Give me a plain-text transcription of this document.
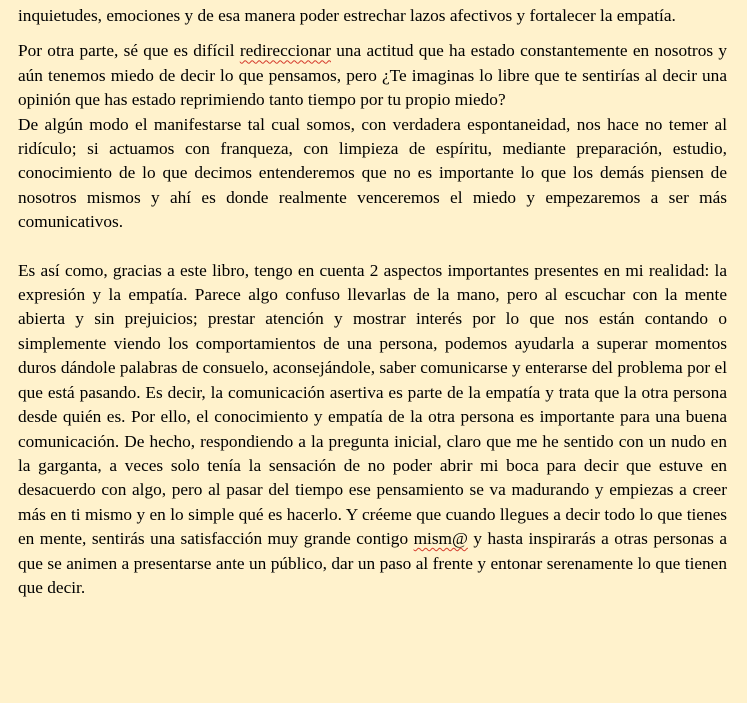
inquietudes, emociones y de esa manera poder estrechar lazos afectivos y fortalecer la empatía.

Por otra parte, sé que es difícil redireccionar una actitud que ha estado constantemente en nosotros y aún tenemos miedo de decir lo que pensamos, pero ¿Te imaginas lo libre que te sentirías al decir una opinión que has estado reprimiendo tanto tiempo por tu propio miedo?

De algún modo el manifestarse tal cual somos, con verdadera espontaneidad, nos hace no temer al ridículo; si actuamos con franqueza, con limpieza de espíritu, mediante preparación, estudio, conocimiento de lo que decimos entenderemos que no es importante lo que los demás piensen de nosotros mismos y ahí es donde realmente venceremos el miedo y empezaremos a ser más comunicativos.

Es así como, gracias a este libro, tengo en cuenta 2 aspectos importantes presentes en mi realidad: la expresión y la empatía. Parece algo confuso llevarlas de la mano, pero al escuchar con la mente abierta y sin prejuicios; prestar atención y mostrar interés por lo que nos están contando o simplemente viendo los comportamientos de una persona, podemos ayudarla a superar momentos duros dándole palabras de consuelo, aconsejándole, saber comunicarse y enterarse del problema por el que está pasando. Es decir, la comunicación asertiva es parte de la empatía y trata que la otra persona desde quién es. Por ello, el conocimiento y empatía de la otra persona es importante para una buena comunicación. De hecho, respondiendo a la pregunta inicial, claro que me he sentido con un nudo en la garganta, a veces solo tenía la sensación de no poder abrir mi boca para decir que estuve en desacuerdo con algo, pero al pasar del tiempo ese pensamiento se va madurando y empiezas a creer más en ti mismo y en lo simple qué es hacerlo. Y créeme que cuando llegues a decir todo lo que tienes en mente, sentirás una satisfacción muy grande contigo mism@ y hasta inspirarás a otras personas a que se animen a presentarse ante un público, dar un paso al frente y entonar serenamente lo que tienen que decir.
